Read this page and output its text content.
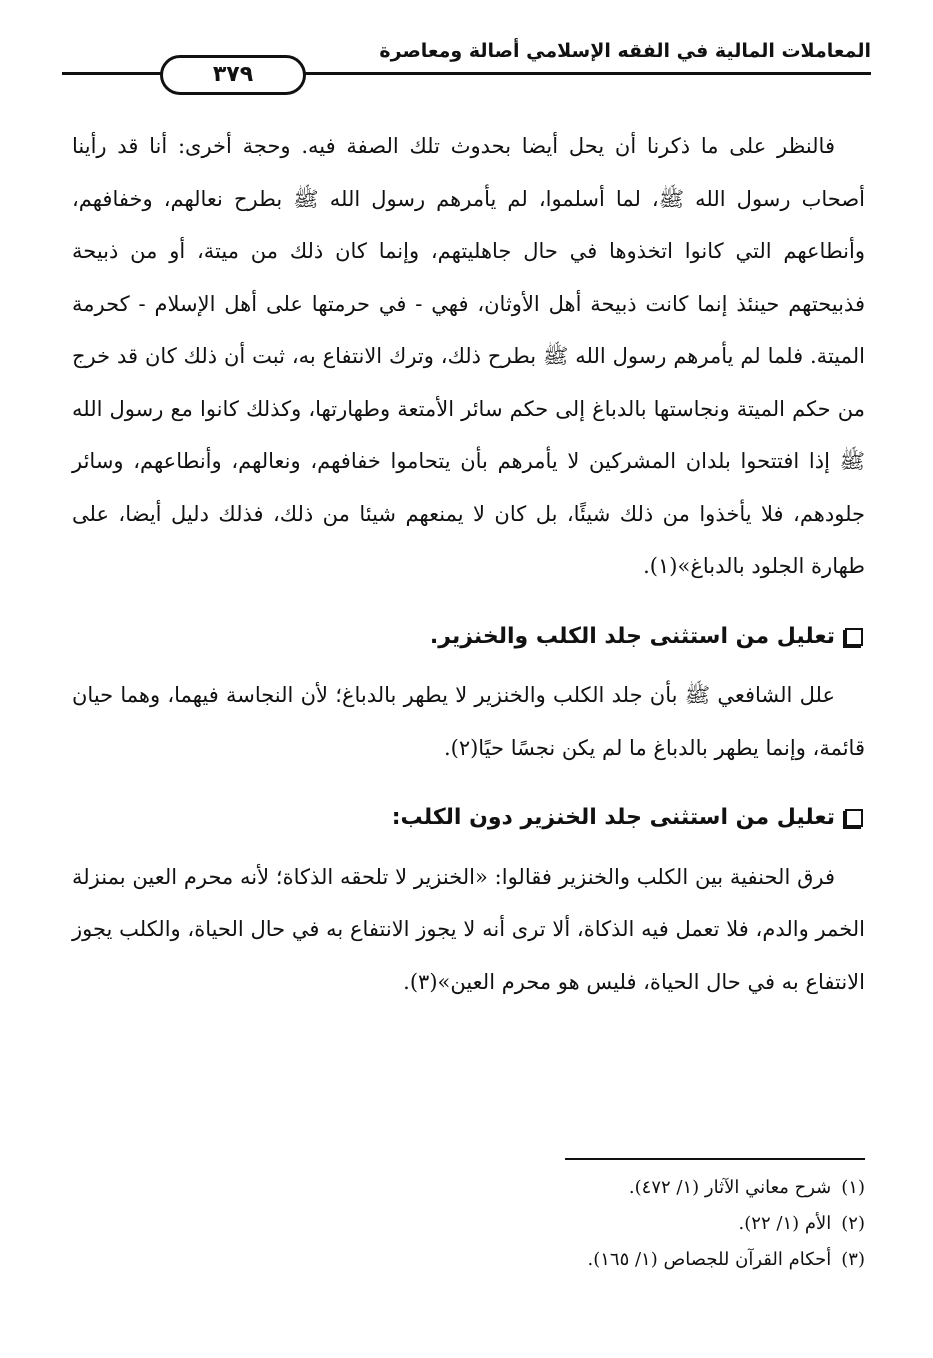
المعاملات المالية في الفقه الإسلامي أصالة ومعاصرة
٣٧٩

فالنظر على ما ذكرنا أن يحل أيضا بحدوث تلك الصفة فيه. وحجة أخرى: أنا قد رأينا أصحاب رسول الله ﷺ، لما أسلموا، لم يأمرهم رسول الله ﷺ بطرح نعالهم، وخفافهم، وأنطاعهم التي كانوا اتخذوها في حال جاهليتهم، وإنما كان ذلك من ميتة، أو من ذبيحة فذبيحتهم حينئذ إنما كانت ذبيحة أهل الأوثان، فهي - في حرمتها على أهل الإسلام - كحرمة الميتة. فلما لم يأمرهم رسول الله ﷺ بطرح ذلك، وترك الانتفاع به، ثبت أن ذلك كان قد خرج من حكم الميتة ونجاستها بالدباغ إلى حكم سائر الأمتعة وطهارتها، وكذلك كانوا مع رسول الله ﷺ إذا افتتحوا بلدان المشركين لا يأمرهم بأن يتحاموا خفافهم، ونعالهم، وأنطاعهم، وسائر جلودهم، فلا يأخذوا من ذلك شيئًا، بل كان لا يمنعهم شيئا من ذلك، فذلك دليل أيضا، على طهارة الجلود بالدباغ»(١).

تعليل من استثنى جلد الكلب والخنزير.

علل الشافعي ﷺ بأن جلد الكلب والخنزير لا يطهر بالدباغ؛ لأن النجاسة فيهما، وهما حيان قائمة، وإنما يطهر بالدباغ ما لم يكن نجسًا حيًا(٢).

تعليل من استثنى جلد الخنزير دون الكلب:

فرق الحنفية بين الكلب والخنزير فقالوا: «الخنزير لا تلحقه الذكاة؛ لأنه محرم العين بمنزلة الخمر والدم، فلا تعمل فيه الذكاة، ألا ترى أنه لا يجوز الانتفاع به في حال الحياة، والكلب يجوز الانتفاع به في حال الحياة، فليس هو محرم العين»(٣).

(١)
شرح معاني الآثار (١/ ٤٧٢).
(٢)
الأم (١/ ٢٢).
(٣)
أحكام القرآن للجصاص (١/ ١٦٥).
